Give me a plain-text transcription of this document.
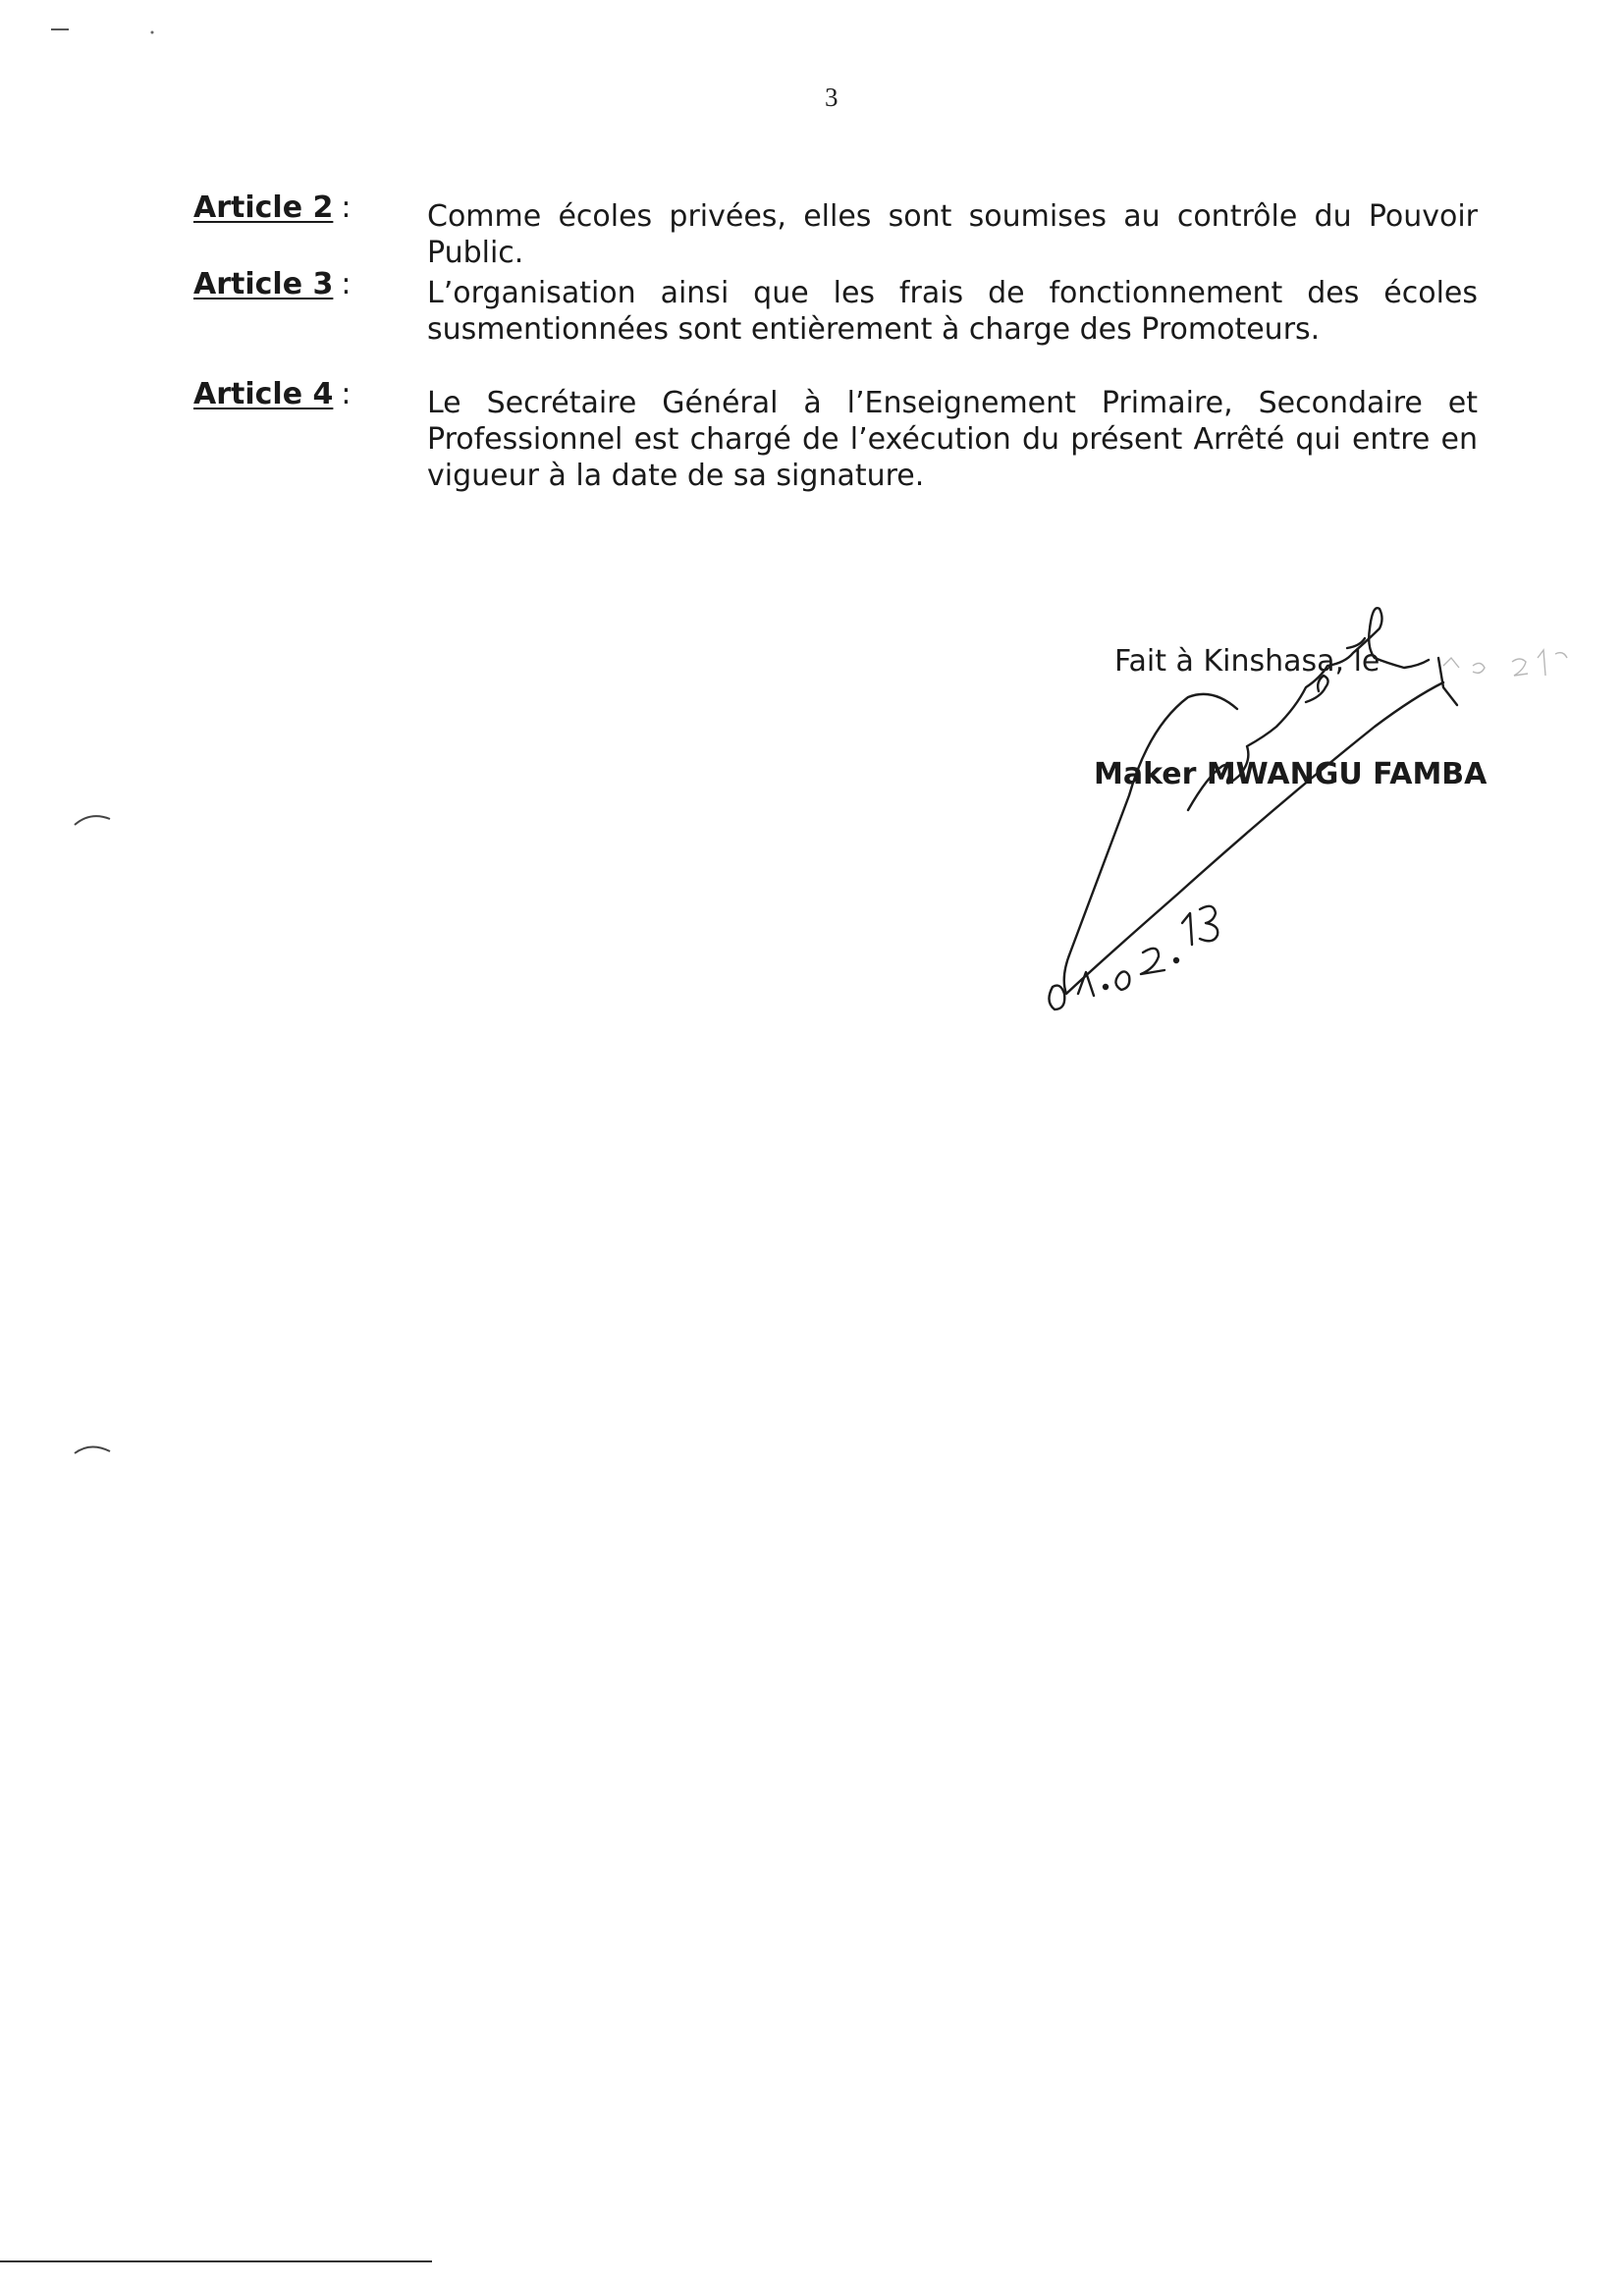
3
Article 2 :	Comme écoles privées, elles sont soumises au contrôle du Pouvoir Public.
Article 3 :	L’organisation ainsi que les frais de fonctionnement des écoles susmentionnées sont entièrement à charge des Promoteurs.
Article 4 :	Le Secrétaire Général à l’Enseignement Primaire, Secondaire et Professionnel est chargé de l’exécution du présent Arrêté qui entre en vigueur à la date de sa signature.
Fait à Kinshasa, le
Maker MWANGU FAMBA
